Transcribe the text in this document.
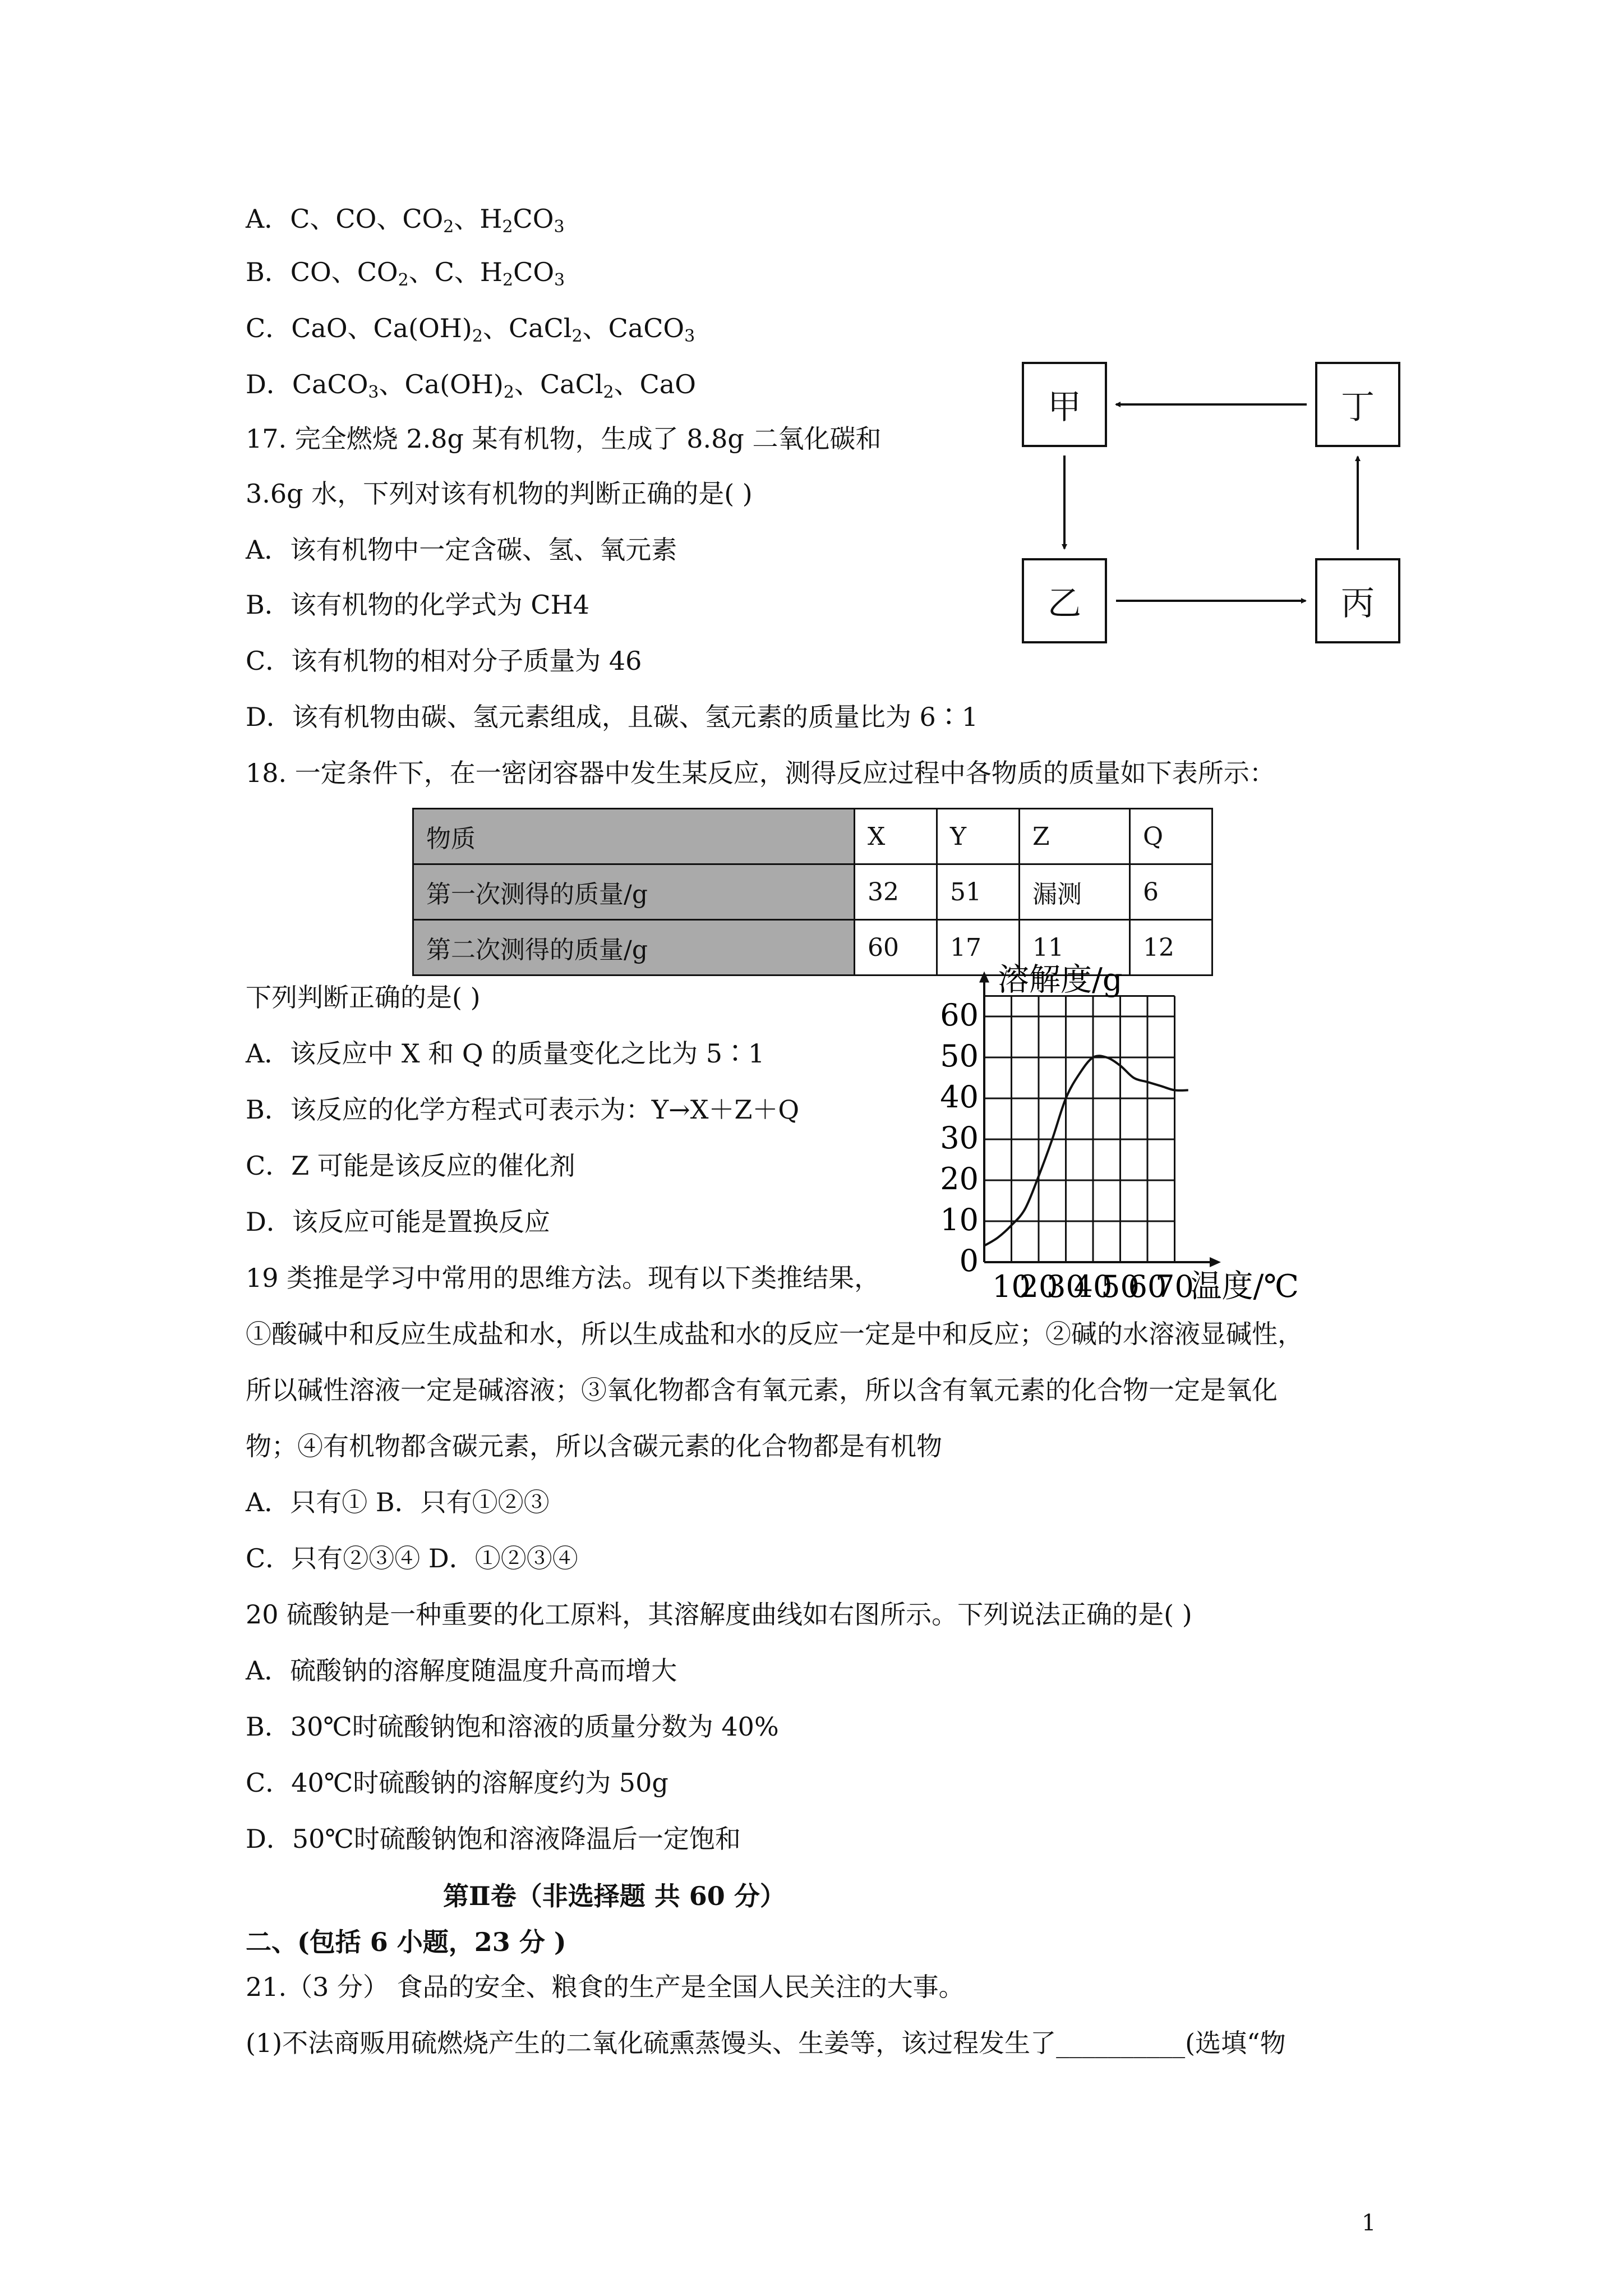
A．C、CO、$CO_2$、$H_2CO_3$
B．CO、$CO_2$、C、$H_2CO_3$
C．CaO、$Ca(OH)_2$、CaCl$_2$、CaCO$_3$
D．CaCO$_3$、$Ca(OH)_2$、CaCl$_2$、CaO
甲	丁
乙	丙
17. 完全燃烧 2.8g 某有机物，生成了 8.8g 二氧化碳和
3.6g 水，下列对该有机物的判断正确的是( )
A．该有机物中一定含碳、氢、氧元素
B．该有机物的化学式为 CH4
C．该有机物的相对分子质量为 46
D．该有机物由碳、氢元素组成，且碳、氢元素的质量比为 6∶1
18. 一定条件下，在一密闭容器中发生某反应，测得反应过程中各物质的质量如下表所示：
物质	X	Y	Z	Q
第一次测得的质量/g	32	51	漏测	6
第二次测得的质量/g	60	17	11	12
下列判断正确的是( )
A．该反应中 X 和 Q 的质量变化之比为 5∶1
B．该反应的化学方程式可表示为：Y→X＋Z＋Q
C．Z 可能是该反应的催化剂
D．该反应可能是置换反应
0
10
20
30
40
50
60
10
20
30
40
50
60
70
溶解度/g
温度/℃
19 类推是学习中常用的思维方法。现有以下类推结果，
①酸碱中和反应生成盐和水，所以生成盐和水的反应一定是中和反应；②碱的水溶液显碱性，
所以碱性溶液一定是碱溶液；③氧化物都含有氧元素，所以含有氧元素的化合物一定是氧化
物；④有机物都含碳元素，所以含碳元素的化合物都是有机物
A．只有① B．只有①②③
C．只有②③④ D．①②③④
20 硫酸钠是一种重要的化工原料，其溶解度曲线如右图所示。下列说法正确的是( )
A．硫酸钠的溶解度随温度升高而增大
B．30℃时硫酸钠饱和溶液的质量分数为 40%
C．40℃时硫酸钠的溶解度约为 50g
D．50℃时硫酸钠饱和溶液降温后一定饱和
第Ⅱ卷（非选择题 共 60 分）
二、(包括 6 小题，23 分 )
21.（3 分） 食品的安全、粮食的生产是全国人民关注的大事。
(1)不法商贩用硫燃烧产生的二氧化硫熏蒸馒头、生姜等，该过程发生了__________(选填“物
1
